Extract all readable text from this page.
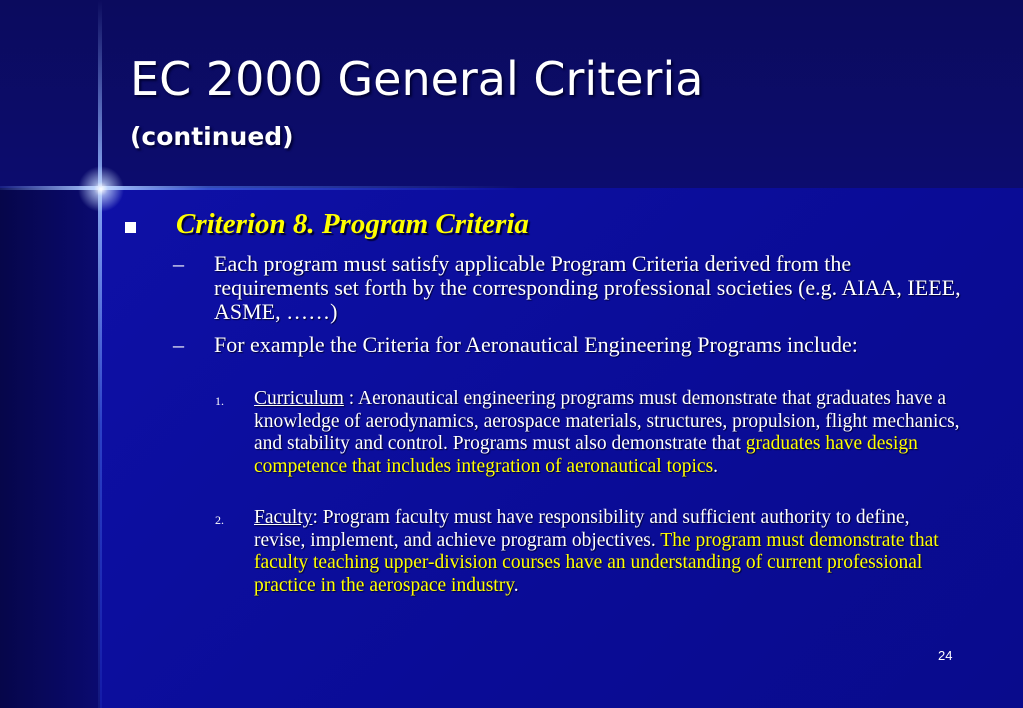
EC 2000 General Criteria
(continued)
Criterion 8. Program Criteria
– Each program must satisfy applicable Program Criteria derived from the requirements set forth by the corresponding professional societies (e.g. AIAA, IEEE, ASME, ……)
– For example the Criteria for Aeronautical Engineering Programs include:
1. Curriculum : Aeronautical engineering programs must demonstrate that graduates have a knowledge of aerodynamics, aerospace materials, structures, propulsion, flight mechanics, and stability and control. Programs must also demonstrate that graduates have design competence that includes integration of aeronautical topics.
2. Faculty: Program faculty must have responsibility and sufficient authority to define, revise, implement, and achieve program objectives. The program must demonstrate that faculty teaching upper-division courses have an understanding of current professional practice in the aerospace industry.
24
